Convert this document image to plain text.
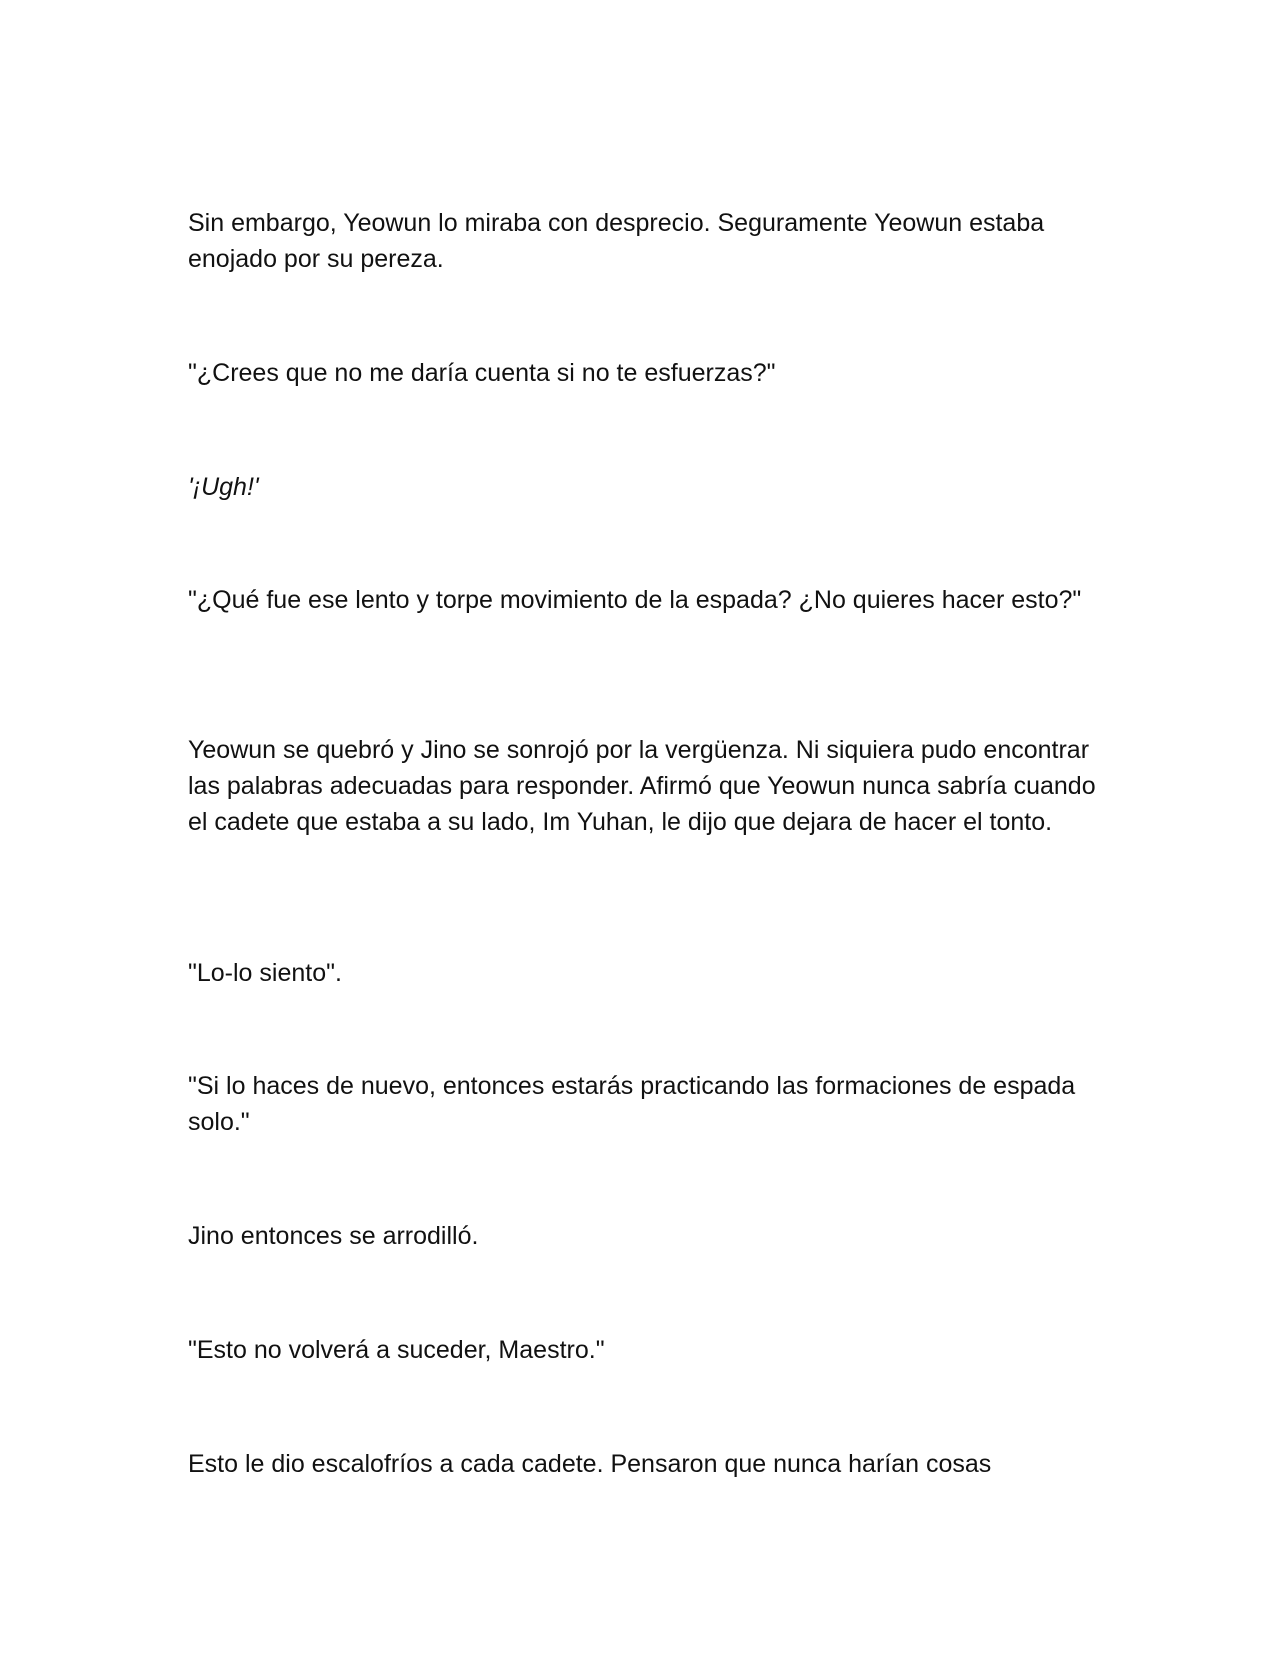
Sin embargo, Yeowun lo miraba con desprecio. Seguramente Yeowun estaba enojado por su pereza.

"¿Crees que no me daría cuenta si no te esfuerzas?"

'¡Ugh!'

"¿Qué fue ese lento y torpe movimiento de la espada? ¿No quieres hacer esto?"

Yeowun se quebró y Jino se sonrojó por la vergüenza. Ni siquiera pudo encontrar las palabras adecuadas para responder. Afirmó que Yeowun nunca sabría cuando el cadete que estaba a su lado, Im Yuhan, le dijo que dejara de hacer el tonto.

"Lo-lo siento".

"Si lo haces de nuevo, entonces estarás practicando las formaciones de espada solo."

Jino entonces se arrodilló.

"Esto no volverá a suceder, Maestro."

Esto le dio escalofríos a cada cadete. Pensaron que nunca harían cosas
